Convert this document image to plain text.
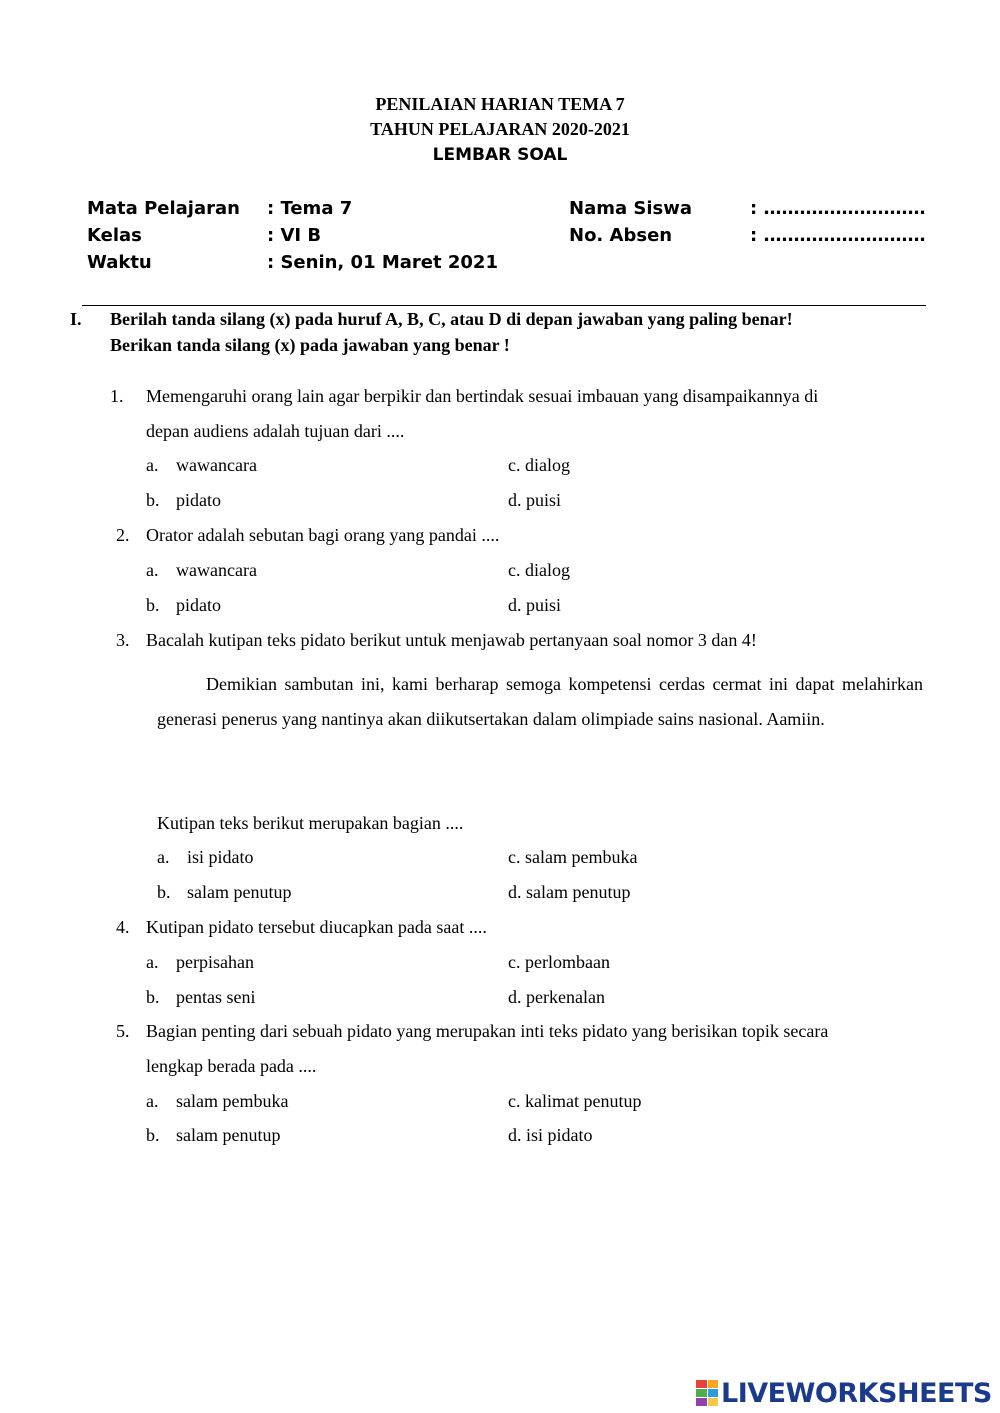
PENILAIAN HARIAN TEMA 7
TAHUN PELAJARAN 2020-2021
LEMBAR SOAL
Mata Pelajaran : Tema 7
Kelas	: VI B
Waktu	: Senin, 01 Maret 2021
Nama Siswa	: ………………………
No. Absen	: ………………………
I. Berilah tanda silang (x) pada huruf A, B, C, atau D di depan jawaban yang paling benar!
Berikan tanda silang (x) pada jawaban yang benar !
1. Memengaruhi orang lain agar berpikir dan bertindak sesuai imbauan yang disampaikannya di
depan audiens adalah tujuan dari ....
a. wawancara
b. pidato
c. dialog
d. puisi
2. Orator adalah sebutan bagi orang yang pandai ....
a. wawancara
b. pidato
c. dialog
d. puisi
3. Bacalah kutipan teks pidato berikut untuk menjawab pertanyaan soal nomor 3 dan 4!
Demikian sambutan ini, kami berharap semoga kompetensi cerdas cermat ini dapat melahirkan generasi penerus yang nantinya akan diikutsertakan dalam olimpiade sains nasional. Aamiin.
Kutipan teks berikut merupakan bagian ....
a. isi pidato
b. salam penutup
c. salam pembuka
d. salam penutup
4. Kutipan pidato tersebut diucapkan pada saat ....
a. perpisahan
b. pentas seni
c. perlombaan
d. perkenalan
5. Bagian penting dari sebuah pidato yang merupakan inti teks pidato yang berisikan topik secara
lengkap berada pada ....
a. salam pembuka
b. salam penutup
c. kalimat penutup
d. isi pidato
LIVEWORKSHEETS
